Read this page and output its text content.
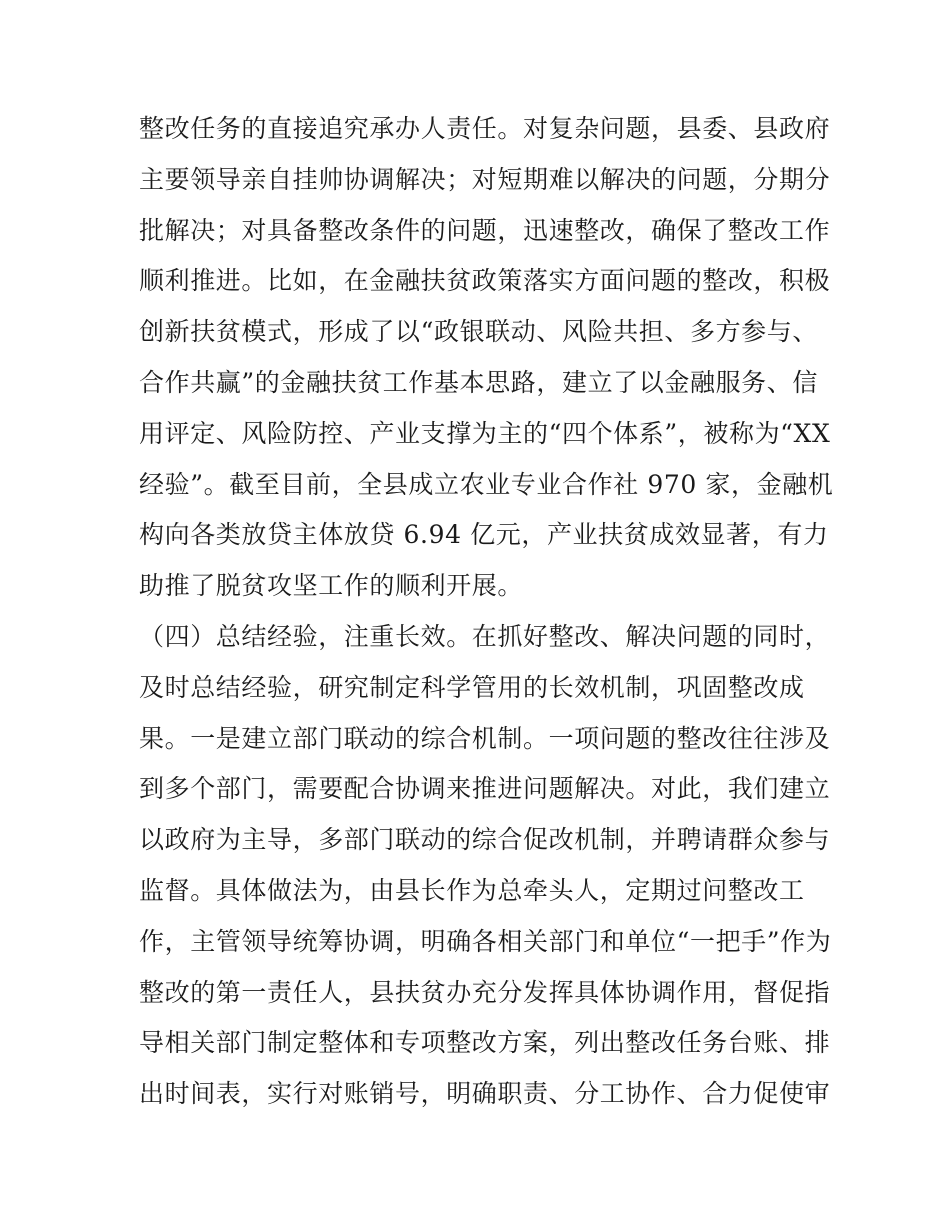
整改任务的直接追究承办人责任。对复杂问题，县委、县政府
主要领导亲自挂帅协调解决；对短期难以解决的问题，分期分
批解决；对具备整改条件的问题，迅速整改，确保了整改工作
顺利推进。比如，在金融扶贫政策落实方面问题的整改，积极
创新扶贫模式，形成了以“政银联动、风险共担、多方参与、
合作共赢”的金融扶贫工作基本思路，建立了以金融服务、信
用评定、风险防控、产业支撑为主的“四个体系”，被称为“XX
经验”。截至目前，全县成立农业专业合作社 970 家，金融机
构向各类放贷主体放贷 6.94 亿元，产业扶贫成效显著，有力
助推了脱贫攻坚工作的顺利开展。
（四）总结经验，注重长效。在抓好整改、解决问题的同时，
及时总结经验，研究制定科学管用的长效机制，巩固整改成
果。一是建立部门联动的综合机制。一项问题的整改往往涉及
到多个部门，需要配合协调来推进问题解决。对此，我们建立
以政府为主导，多部门联动的综合促改机制，并聘请群众参与
监督。具体做法为，由县长作为总牵头人，定期过问整改工
作，主管领导统筹协调，明确各相关部门和单位“一把手”作为
整改的第一责任人，县扶贫办充分发挥具体协调作用，督促指
导相关部门制定整体和专项整改方案，列出整改任务台账、排
出时间表，实行对账销号，明确职责、分工协作、合力促使审
